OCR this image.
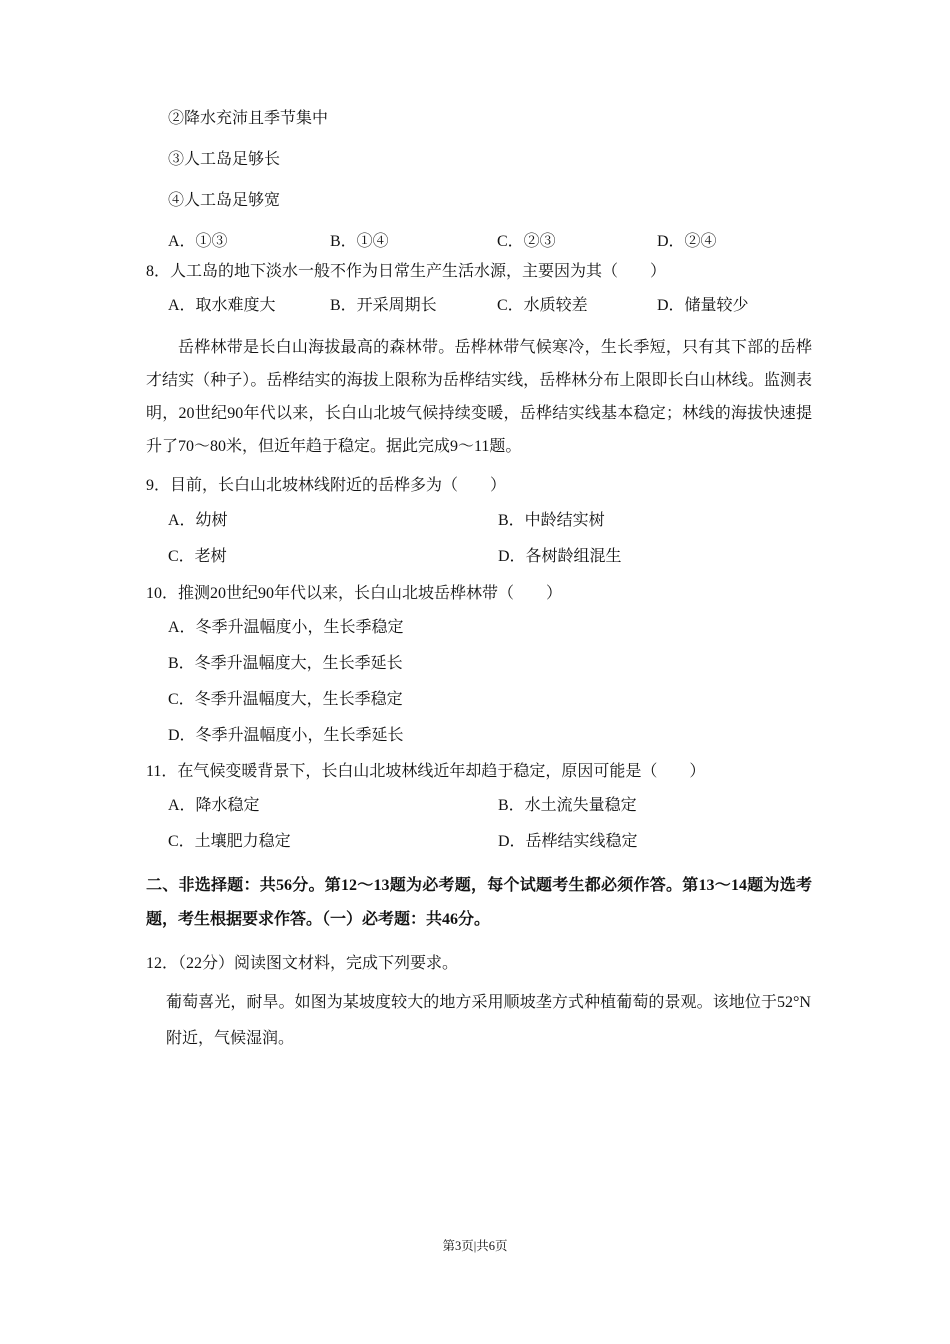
②降水充沛且季节集中
③人工岛足够长
④人工岛足够宽
A．①③	B．①④	C．②③	D．②④
8．人工岛的地下淡水一般不作为日常生产生活水源，主要因为其（　　）
A．取水难度大	B．开采周期长	C．水质较差	D．储量较少
岳桦林带是长白山海拔最高的森林带。岳桦林带气候寒冷，生长季短，只有其下部的岳桦才结实（种子）。岳桦结实的海拔上限称为岳桦结实线，岳桦林分布上限即长白山林线。监测表明，20世纪90年代以来，长白山北坡气候持续变暖，岳桦结实线基本稳定；林线的海拔快速提升了70～80米，但近年趋于稳定。据此完成9～11题。
9．目前，长白山北坡林线附近的岳桦多为（　　）
A．幼树	B．中龄结实树
C．老树	D．各树龄组混生
10．推测20世纪90年代以来，长白山北坡岳桦林带（　　）
A．冬季升温幅度小，生长季稳定
B．冬季升温幅度大，生长季延长
C．冬季升温幅度大，生长季稳定
D．冬季升温幅度小，生长季延长
11．在气候变暖背景下，长白山北坡林线近年却趋于稳定，原因可能是（　　）
A．降水稳定	B．水土流失量稳定
C．土壤肥力稳定	D．岳桦结实线稳定
二、非选择题：共56分。第12～13题为必考题，每个试题考生都必须作答。第13～14题为选考题，考生根据要求作答。（一）必考题：共46分。
12．（22分）阅读图文材料，完成下列要求。
葡萄喜光，耐旱。如图为某坡度较大的地方采用顺坡垄方式种植葡萄的景观。该地位于52°N附近，气候湿润。
第3页|共6页
